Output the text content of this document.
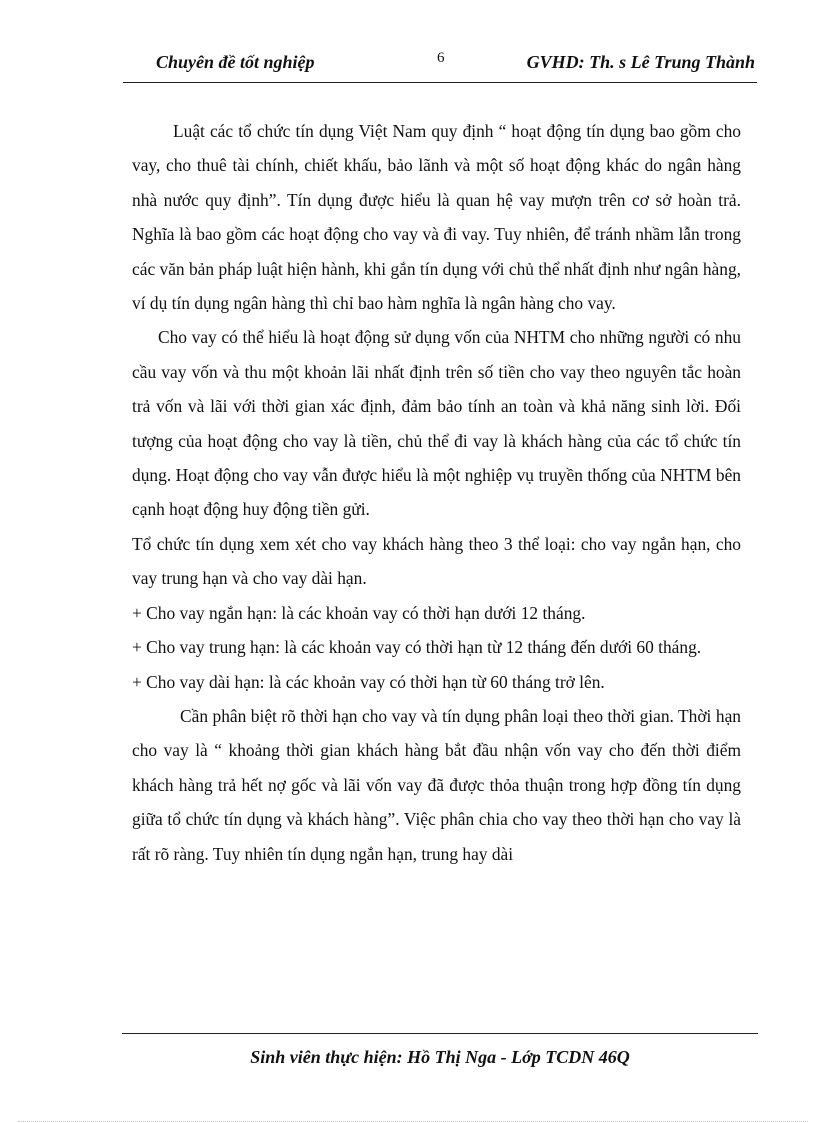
Chuyên đề tốt nghiệp	6	GVHD: Th. s Lê Trung Thành

Luật các tổ chức tín dụng Việt Nam quy định “ hoạt động tín dụng bao gồm cho vay, cho thuê tài chính, chiết khấu, bảo lãnh và một số hoạt động khác do ngân hàng nhà nước quy định”. Tín dụng được hiểu là quan hệ vay mượn trên cơ sở hoàn trả. Nghĩa là bao gồm các hoạt động cho vay và đi vay. Tuy nhiên, để tránh nhầm lẫn trong các văn bản pháp luật hiện hành, khi gắn tín dụng với chủ thể nhất định như ngân hàng, ví dụ tín dụng ngân hàng thì chỉ bao hàm nghĩa là ngân hàng cho vay.

Cho vay có thể hiểu là hoạt động sử dụng vốn của NHTM cho những người có nhu cầu vay vốn và thu một khoản lãi nhất định trên số tiền cho vay theo nguyên tắc hoàn trả vốn và lãi với thời gian xác định, đảm bảo tính an toàn và khả năng sinh lời. Đối tượng của hoạt động cho vay là tiền, chủ thể đi vay là khách hàng của các tổ chức tín dụng. Hoạt động cho vay vẫn được hiểu là một nghiệp vụ truyền thống của NHTM bên cạnh hoạt động huy động tiền gửi.

Tổ chức tín dụng xem xét cho vay khách hàng theo 3 thể loại: cho vay ngắn hạn, cho vay trung hạn và cho vay dài hạn.

+ Cho vay ngắn hạn: là các khoản vay có thời hạn dưới 12 tháng.

+ Cho vay trung hạn: là các khoản vay có thời hạn từ 12 tháng đến dưới 60 tháng.

+ Cho vay dài hạn: là các khoản vay có thời hạn từ 60 tháng trở lên.

Cần phân biệt rõ thời hạn cho vay và tín dụng phân loại theo thời gian. Thời hạn cho vay là “ khoảng thời gian khách hàng bắt đầu nhận vốn vay cho đến thời điểm khách hàng trả hết nợ gốc và lãi vốn vay đã được thỏa thuận trong hợp đồng tín dụng giữa tổ chức tín dụng và khách hàng”. Việc phân chia cho vay theo thời hạn cho vay là rất rõ ràng. Tuy nhiên tín dụng ngắn hạn, trung hay dài

Sinh viên thực hiện: Hồ Thị Nga - Lớp TCDN 46Q
